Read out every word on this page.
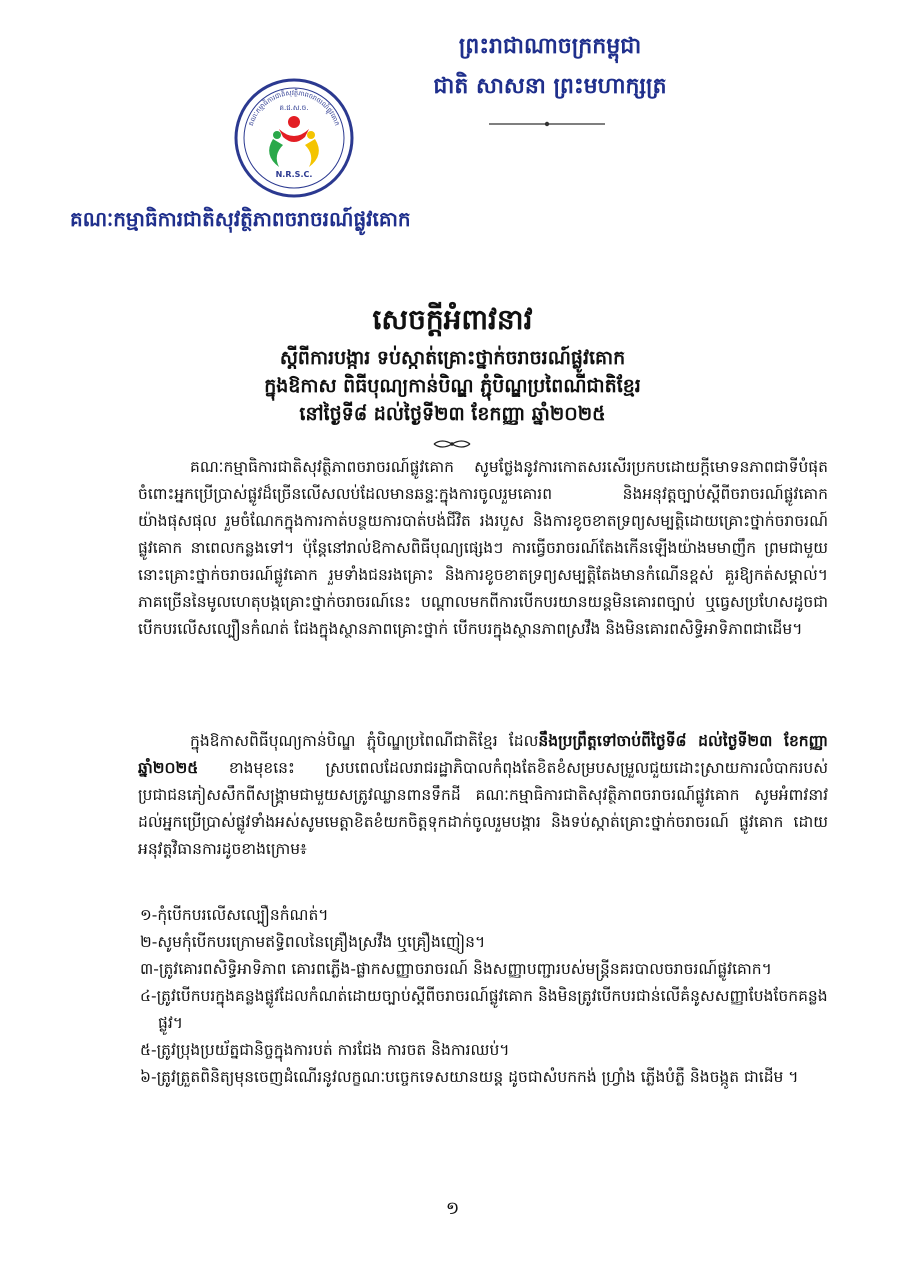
ព្រះរាជាណាចក្រកម្ពុជា
ជាតិ សាសនា ព្រះមហាក្សត្រ
គណៈកម្មាធិការជាតិសុវត្ថិភាពចរាចរណ៍ផ្លូវគោក
គ.ជ.ស.ច.
N.R.S.C.
គណៈកម្មាធិការជាតិសុវត្ថិភាពចរាចរណ៍ផ្លូវគោក
សេចក្ដីអំពាវនាវ
ស្ដីពីការបង្ការ ទប់ស្កាត់គ្រោះថ្នាក់ចរាចរណ៍ផ្លូវគោក
ក្នុងឱកាស ពិធីបុណ្យកាន់បិណ្ឌ ភ្ជុំបិណ្ឌប្រពៃណីជាតិខ្មែរ
នៅថ្ងៃទី៨ ដល់ថ្ងៃទី២៣ ខែកញ្ញា ឆ្នាំ២០២៥

គណៈកម្មាធិការជាតិសុវត្ថិភាពចរាចរណ៍ផ្លូវគោក សូមថ្លែងនូវការកោតសរសើរប្រកបដោយក្ដីមោទនភាពជាទីបំផុត ចំពោះអ្នកប្រើប្រាស់ផ្លូវដ៏ច្រើនលើសលប់ដែលមានឆន្ទៈក្នុងការចូលរួមគោរព និងអនុវត្តច្បាប់ស្ដីពីចរាចរណ៍ផ្លូវគោកយ៉ាងផុសផុល រួមចំណែកក្នុងការកាត់បន្ថយការបាត់បង់ជីវិត រងរបួស និងការខូចខាតទ្រព្យសម្បត្តិដោយគ្រោះថ្នាក់ចរាចរណ៍ផ្លូវគោក នាពេលកន្លងទៅ។ ប៉ុន្តែនៅរាល់ឱកាសពិធីបុណ្យផ្សេងៗ ការធ្វើចរាចរណ៍តែងកើនឡើងយ៉ាងមមាញឹក ព្រមជាមួយនោះគ្រោះថ្នាក់ចរាចរណ៍ផ្លូវគោក រួមទាំងជនរងគ្រោះ និងការខូចខាតទ្រព្យសម្បត្តិតែងមានកំណើនខ្ពស់ គួរឱ្យកត់សម្គាល់។ ភាគច្រើននៃមូលហេតុបង្កគ្រោះថ្នាក់ចរាចរណ៍នេះ បណ្ដាលមកពីការបើកបរយានយន្តមិនគោរពច្បាប់ ឬធ្វេសប្រហែសដូចជា បើកបរលើសល្បឿនកំណត់ ជែងក្នុងស្ថានភាពគ្រោះថ្នាក់ បើកបរក្នុងស្ថានភាពស្រវឹង និងមិនគោរពសិទ្ធិអាទិភាពជាដើម។

ក្នុងឱកាសពិធីបុណ្យកាន់បិណ្ឌ ភ្ជុំបិណ្ឌប្រពៃណីជាតិខ្មែរ ដែលនឹងប្រព្រឹត្តទៅចាប់ពីថ្ងៃទី៨ ដល់ថ្ងៃទី២៣ ខែកញ្ញា ឆ្នាំ២០២៥ ខាងមុខនេះ ស្របពេលដែលរាជរដ្ឋាភិបាលកំពុងតែខិតខំសម្របសម្រួលជួយដោះស្រាយការលំបាករបស់ប្រជាជនភៀសសឹកពីសង្គ្រាមជាមួយសត្រូវឈ្លានពានទឹកដី គណៈកម្មាធិការជាតិសុវត្ថិភាពចរាចរណ៍ផ្លូវគោក សូមអំពាវនាវ ដល់អ្នកប្រើប្រាស់ផ្លូវទាំងអស់សូមមេត្តាខិតខំយកចិត្តទុកដាក់ចូលរួមបង្ការ និងទប់ស្កាត់គ្រោះថ្នាក់ចរាចរណ៍ ផ្លូវគោក ដោយអនុវត្តវិធានការដូចខាងក្រោម៖

១-កុំបើកបរលើសល្បឿនកំណត់។
២-សូមកុំបើកបរក្រោមឥទ្ធិពលនៃគ្រឿងស្រវឹង ឬគ្រឿងញៀន។
៣-ត្រូវគោរពសិទ្ធិអាទិភាព គោរពភ្លើង-ផ្លាកសញ្ញាចរាចរណ៍ និងសញ្ញាបញ្ជារបស់មន្ត្រីនគរបាលចរាចរណ៍ផ្លូវគោក។
៤-ត្រូវបើកបរក្នុងគន្លងផ្លូវដែលកំណត់ដោយច្បាប់ស្ដីពីចរាចរណ៍ផ្លូវគោក និងមិនត្រូវបើកបរជាន់លើគំនូសសញ្ញាបែងចែកគន្លងផ្លូវ។
៥-ត្រូវប្រុងប្រយ័ត្នជានិច្ចក្នុងការបត់ ការជែង ការចត និងការឈប់។
៦-ត្រូវត្រួតពិនិត្យមុនចេញដំណើរនូវលក្ខណៈបច្ចេកទេសយានយន្ត ដូចជាសំបកកង់ ហ្វ្រាំង ភ្លើងបំភ្លឺ និងចង្កូត ជាដើម ។
១
